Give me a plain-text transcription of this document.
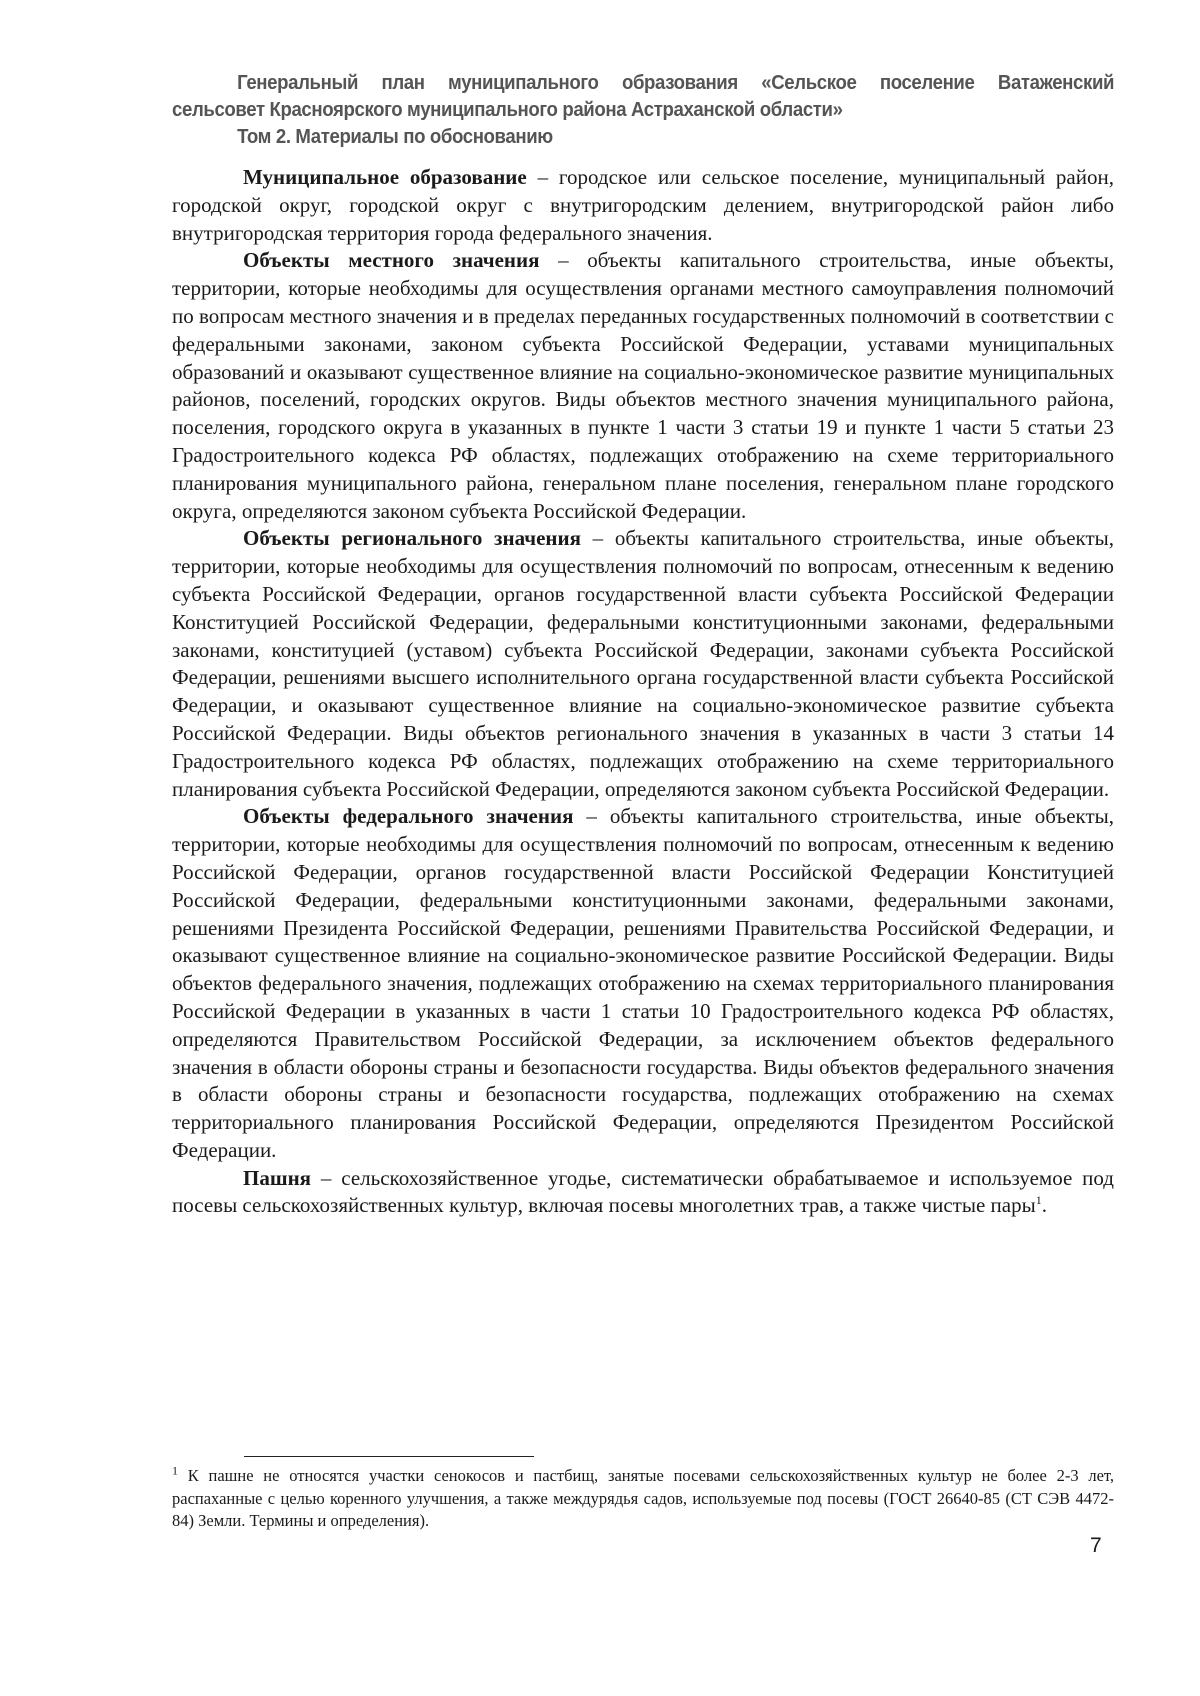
Генеральный план муниципального образования «Сельское поселение Ватаженский
сельсовет Красноярского муниципального района Астраханской области»
Том 2. Материалы по обоснованию

Муниципальное образование – городское или сельское поселение, муниципальный район, городской округ, городской округ с внутригородским делением, внутригородской район либо внутригородская территория города федерального значения.

Объекты местного значения – объекты капитального строительства, иные объекты, территории, которые необходимы для осуществления органами местного самоуправления полномочий по вопросам местного значения и в пределах переданных государственных полномочий в соответствии с федеральными законами, законом субъекта Российской Федерации, уставами муниципальных образований и оказывают существенное влияние на социально-экономическое развитие муниципальных районов, поселений, городских округов. Виды объектов местного значения муниципального района, поселения, городского округа в указанных в пункте 1 части 3 статьи 19 и пункте 1 части 5 статьи 23 Градостроительного кодекса РФ областях, подлежащих отображению на схеме территориального планирования муниципального района, генеральном плане поселения, генеральном плане городского округа, определяются законом субъекта Российской Федерации.

Объекты регионального значения – объекты капитального строительства, иные объекты, территории, которые необходимы для осуществления полномочий по вопросам, отнесенным к ведению субъекта Российской Федерации, органов государственной власти субъекта Российской Федерации Конституцией Российской Федерации, федеральными конституционными законами, федеральными законами, конституцией (уставом) субъекта Российской Федерации, законами субъекта Российской Федерации, решениями высшего исполнительного органа государственной власти субъекта Российской Федерации, и оказывают существенное влияние на социально-экономическое развитие субъекта Российской Федерации. Виды объектов регионального значения в указанных в части 3 статьи 14 Градостроительного кодекса РФ областях, подлежащих отображению на схеме территориального планирования субъекта Российской Федерации, определяются законом субъекта Российской Федерации.

Объекты федерального значения – объекты капитального строительства, иные объекты, территории, которые необходимы для осуществления полномочий по вопросам, отнесенным к ведению Российской Федерации, органов государственной власти Российской Федерации Конституцией Российской Федерации, федеральными конституционными законами, федеральными законами, решениями Президента Российской Федерации, решениями Правительства Российской Федерации, и оказывают существенное влияние на социально-экономическое развитие Российской Федерации. Виды объектов федерального значения, подлежащих отображению на схемах территориального планирования Российской Федерации в указанных в части 1 статьи 10 Градостроительного кодекса РФ областях, определяются Правительством Российской Федерации, за исключением объектов федерального значения в области обороны страны и безопасности государства. Виды объектов федерального значения в области обороны страны и безопасности государства, подлежащих отображению на схемах территориального планирования Российской Федерации, определяются Президентом Российской Федерации.

Пашня – сельскохозяйственное угодье, систематически обрабатываемое и используемое под посевы сельскохозяйственных культур, включая посевы многолетних трав, а также чистые пары$^1$.

$^1$ К пашне не относятся участки сенокосов и пастбищ, занятые посевами сельскохозяйственных культур не более 2-3 лет, распаханные с целью коренного улучшения, а также междурядья садов, используемые под посевы (ГОСТ 26640-85 (СТ СЭВ 4472-84) Земли. Термины и определения).
7
